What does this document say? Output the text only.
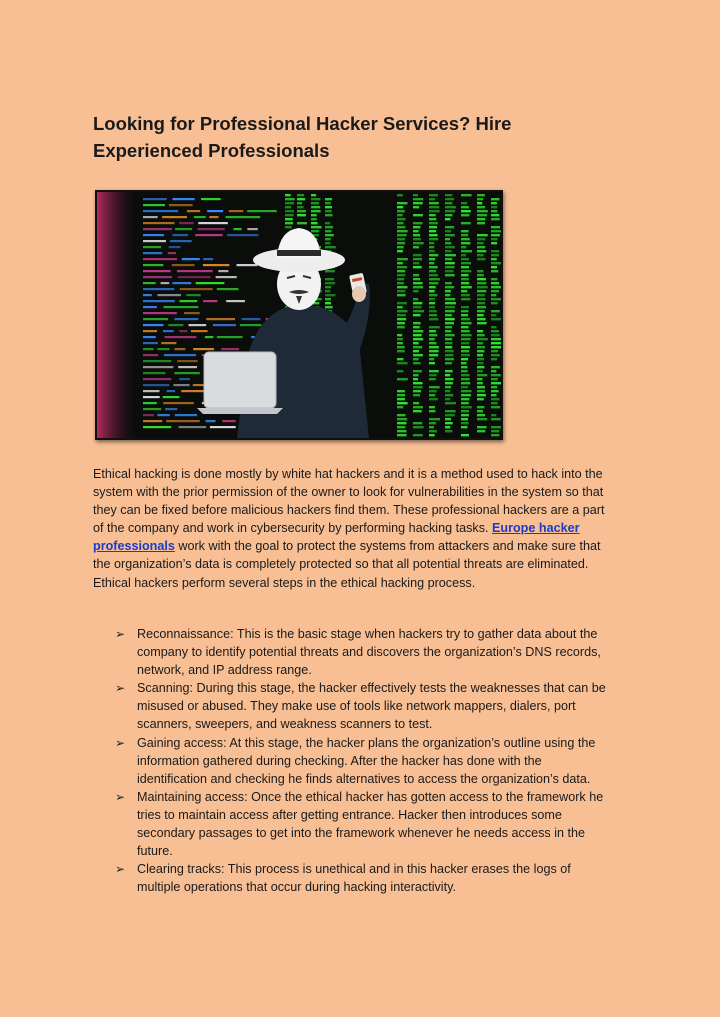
Looking for Professional Hacker Services? Hire
Experienced Professionals

Ethical hacking is done mostly by white hat hackers and it is a method used to hack into the system with the prior permission of the owner to look for vulnerabilities in the system so that they can be fixed before malicious hackers find them. These professional hackers are a part of the company and work in cybersecurity by performing hacking tasks. Europe hacker professionals work with the goal to protect the systems from attackers and make sure that the organization’s data is completely protected so that all potential threats are eliminated. Ethical hackers perform several steps in the ethical hacking process.

➢ Reconnaissance: This is the basic stage when hackers try to gather data about the company to identify potential threats and discovers the organization’s DNS records, network, and IP address range.
➢ Scanning: During this stage, the hacker effectively tests the weaknesses that can be misused or abused. They make use of tools like network mappers, dialers, port scanners, sweepers, and weakness scanners to test.
➢ Gaining access: At this stage, the hacker plans the organization’s outline using the information gathered during checking. After the hacker has done with the identification and checking he finds alternatives to access the organization’s data.
➢ Maintaining access: Once the ethical hacker has gotten access to the framework he tries to maintain access after getting entrance. Hacker then introduces some secondary passages to get into the framework whenever he needs access in the future.
➢ Clearing tracks: This process is unethical and in this hacker erases the logs of multiple operations that occur during hacking interactivity.
